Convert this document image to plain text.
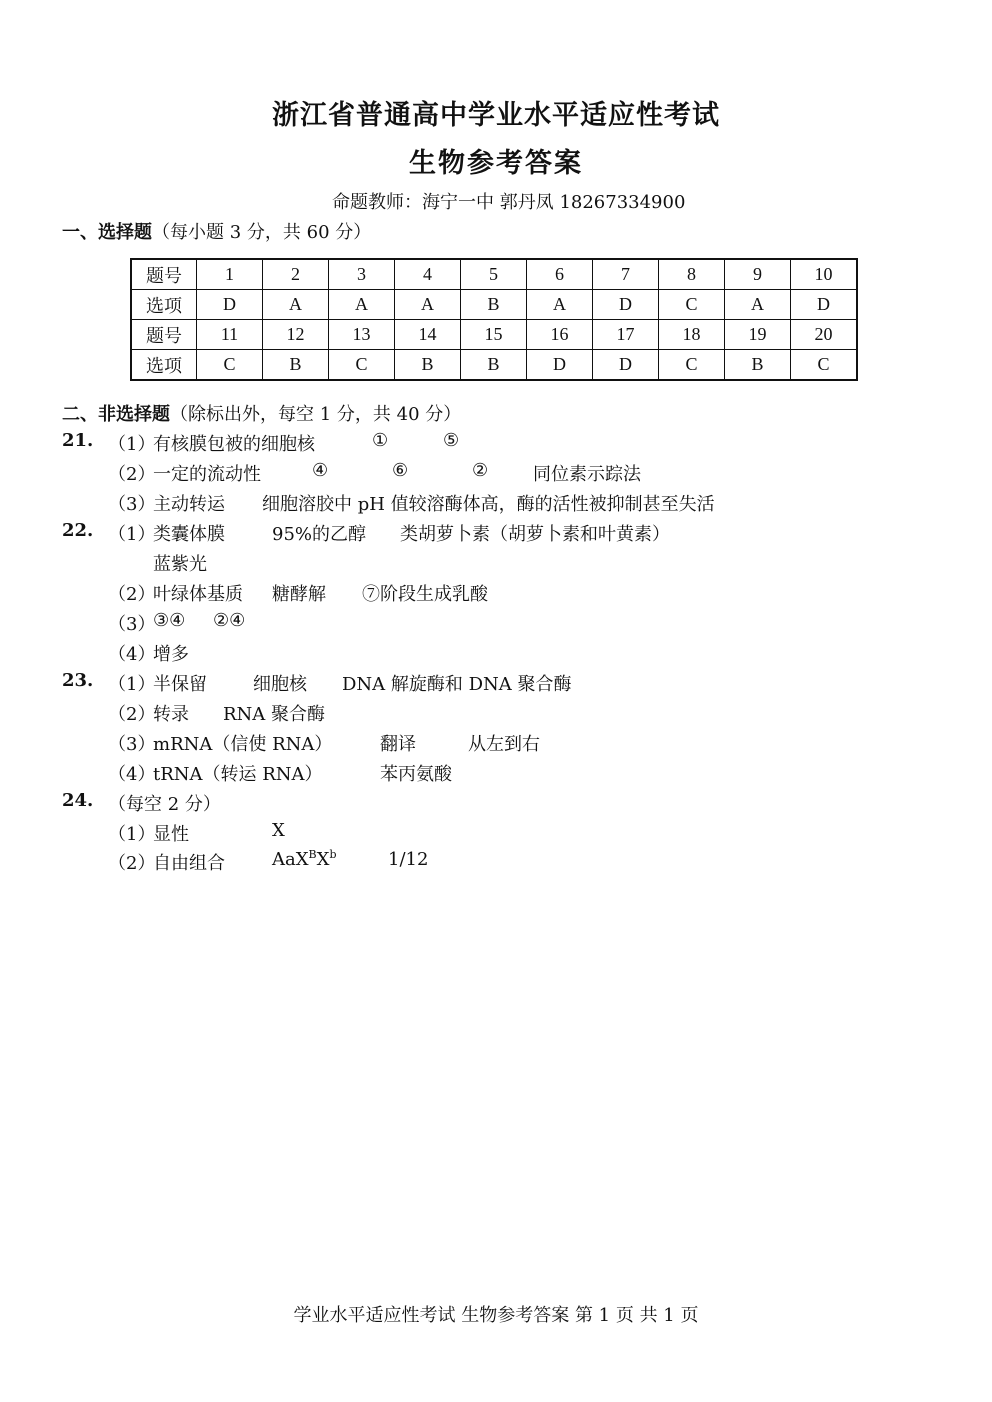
浙江省普通高中学业水平适应性考试
生物参考答案
命题教师：海宁一中 郭丹凤 18267334900
一、选择题（每小题 3 分，共 60 分）
题号	1	2	3	4	5	6	7	8	9	10
选项	D	A	A	A	B	A	D	C	A	D
题号	11	12	13	14	15	16	17	18	19	20
选项	C	B	C	B	B	D	D	C	B	C
二、非选择题（除标出外，每空 1 分，共 40 分）
21. （1）
有核膜包被的细胞核	①	⑤
（2）
一定的流动性	④	⑥	② 同位素示踪法
（3）
主动转运 细胞溶胶中 pH 值较溶酶体高，酶的活性被抑制甚至失活
22. （1）
类囊体膜	95%的乙醇 类胡萝卜素（胡萝卜素和叶黄素）
蓝紫光
（2）
叶绿体基质 糖酵解 ⑦阶段生成乳酸
（3）
③④ ②④
（4）
增多
23. （1）
半保留	细胞核 DNA 解旋酶和 DNA 聚合酶
（2）
转录 RNA 聚合酶
（3）
mRNA（信使 RNA）	翻译	从左到右
（4）
tRNA（转运 RNA）	苯丙氨酸
24. （每空 2 分）
（1）
显性	X
（2）
自由组合	$AaX^BX^b$	1/12
学业水平适应性考试 生物参考答案 第 1 页 共 1 页
